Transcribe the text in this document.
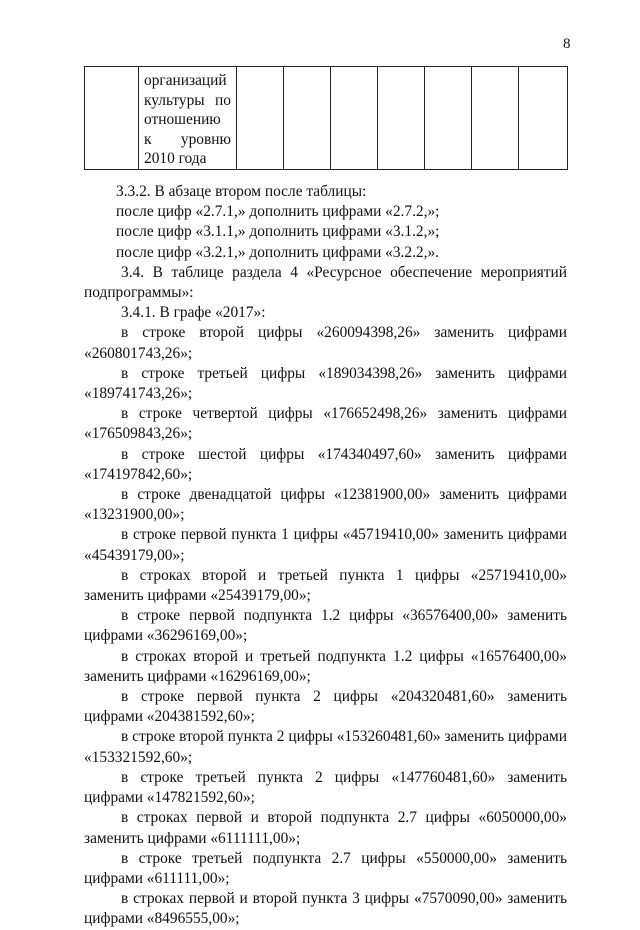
8

организаций
культуры по
отношению
к уровню
2010 года

3.3.2. В абзаце втором после таблицы:
после цифр «2.7.1,» дополнить цифрами «2.7.2,»;
после цифр «3.1.1,» дополнить цифрами «3.1.2,»;
после цифр «3.2.1,» дополнить цифрами «3.2.2,».
3.4. В таблице раздела 4 «Ресурсное обеспечение мероприятий подпрограммы»:
3.4.1. В графе «2017»:
в строке второй цифры «260094398,26» заменить цифрами «260801743,26»;
в строке третьей цифры «189034398,26» заменить цифрами «189741743,26»;
в строке четвертой цифры «176652498,26» заменить цифрами «176509843,26»;
в строке шестой цифры «174340497,60» заменить цифрами «174197842,60»;
в строке двенадцатой цифры «12381900,00» заменить цифрами «13231900,00»;
в строке первой пункта 1 цифры «45719410,00» заменить цифрами «45439179,00»;
в строках второй и третьей пункта 1 цифры «25719410,00» заменить цифрами «25439179,00»;
в строке первой подпункта 1.2 цифры «36576400,00» заменить цифрами «36296169,00»;
в строках второй и третьей подпункта 1.2 цифры «16576400,00» заменить цифрами «16296169,00»;
в строке первой пункта 2 цифры «204320481,60» заменить цифрами «204381592,60»;
в строке второй пункта 2 цифры «153260481,60» заменить цифрами «153321592,60»;
в строке третьей пункта 2 цифры «147760481,60» заменить цифрами «147821592,60»;
в строках первой и второй подпункта 2.7 цифры «6050000,00» заменить цифрами «6111111,00»;
в строке третьей подпункта 2.7 цифры «550000,00» заменить цифрами «611111,00»;
в строках первой и второй пункта 3 цифры «7570090,00» заменить цифрами «8496555,00»;
